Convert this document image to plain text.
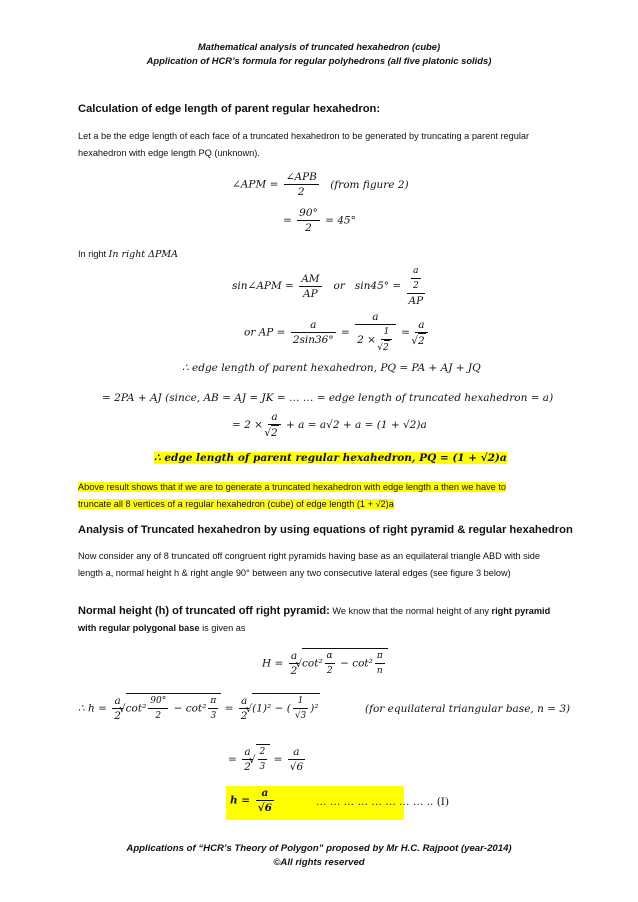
Mathematical analysis of truncated hexahedron (cube)
Application of HCR’s formula for regular polyhedrons (all five platonic solids)
Calculation of edge length of parent regular hexahedron:
Let a be the edge length of each face of a truncated hexahedron to be generated by truncating a parent regular hexahedron with edge length PQ (unknown).
∠APM = $\frac{\text{∠APB}}{2}$ (from figure 2)
= $\frac{90^\circ}{2} = 45^\circ$
In right In right ΔPMA
sin∠APM = $\frac{AM}{AP}$ or   $\sin 45^\circ = \frac{\frac{a}{2}}{AP}$
or AP = $\frac{a}{2\sin 36^\circ} = a$
2 × 1
√ 2 = a
√ 2
∴ edge length of parent hexahedron, PQ = PA + AJ + JQ
= 2PA + AJ (since, AB = AJ = JK = … … = edge length of truncated hexahedron = a)
= 2 × a
√ 2 + a = a√2 + a = (1 + √2)a
∴ edge length of parent regular hexahedron, PQ = (1 + √2)a
Above result shows that if we are to generate a truncated hexahedron with edge length a then we have to
truncate all 8 vertices of a regular hexahedron (cube) of edge length (1 + √2)a
Analysis of Truncated hexahedron by using equations of right pyramid & regular hexahedron
Now consider any of 8 truncated off congruent right pyramids having base as an equilateral triangle ABD with side length a, normal height h & right angle 90° between any two consecutive lateral edges (see figure 3 below)
Normal height (h) of truncated off right pyramid: We know that the normal height of any right pyramid with regular polygonal base is given as
$H = \frac{a}{2}$ √ $\cot^2 \frac{\alpha}{2} - \cot^2 \frac{\pi}{n}$
∴ $h = \frac{a}{2}$ √ $\cot^2 \frac{90^\circ}{2} - \cot^2 \frac{\pi}{3} = \frac{a}{2}$ √ (1)² − ( $\frac{1}{√3} )^2$	(for equilateral triangular base, n = 3)
= $\frac{a}{2}$ √ $\frac{2}{3} = \frac{a}{√6}$
$h = \frac{a}{√6}$	… … … … … … … … .. (I)
Applications of “HCR’s Theory of Polygon” proposed by Mr H.C. Rajpoot (year-2014)
©All rights reserved
